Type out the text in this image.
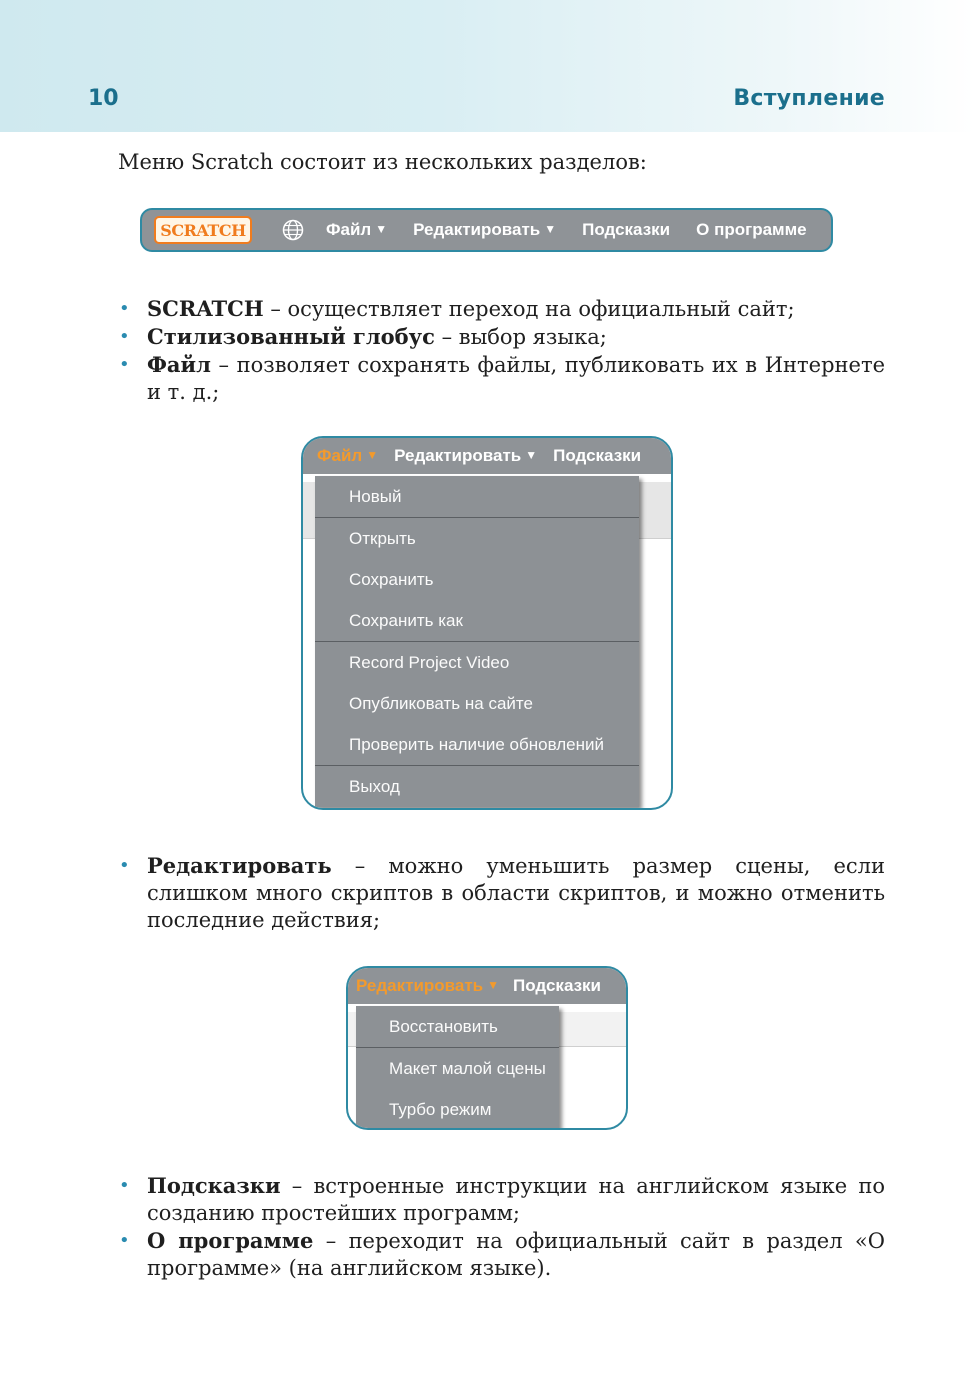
10	Вступление
Меню Scratch состоит из нескольких разделов:
SCRATCH	Файл ▼ Редактировать ▼ Подсказки О программе
• SCRATCH – осуществляет переход на официальный сайт;
• Стилизованный глобус – выбор языка;
• Файл – позволяет сохранять файлы, публиковать их в Интернете и т. д.;
Файл ▼ Редактировать ▼ Подсказки
Новый
Открыть
Сохранить
Сохранить как
Record Project Video
Опубликовать на сайте
Проверить наличие обновлений
Выход
• Редактировать – можно уменьшить размер сцены, если слишком много скриптов в области скриптов, и можно отменить последние действия;
Редактировать ▼ Подсказки
Восстановить
Макет малой сцены
Турбо режим
• Подсказки – встроенные инструкции на английском языке по созданию простейших программ;
• О программе – переходит на официальный сайт в раздел «О программе» (на английском языке).
